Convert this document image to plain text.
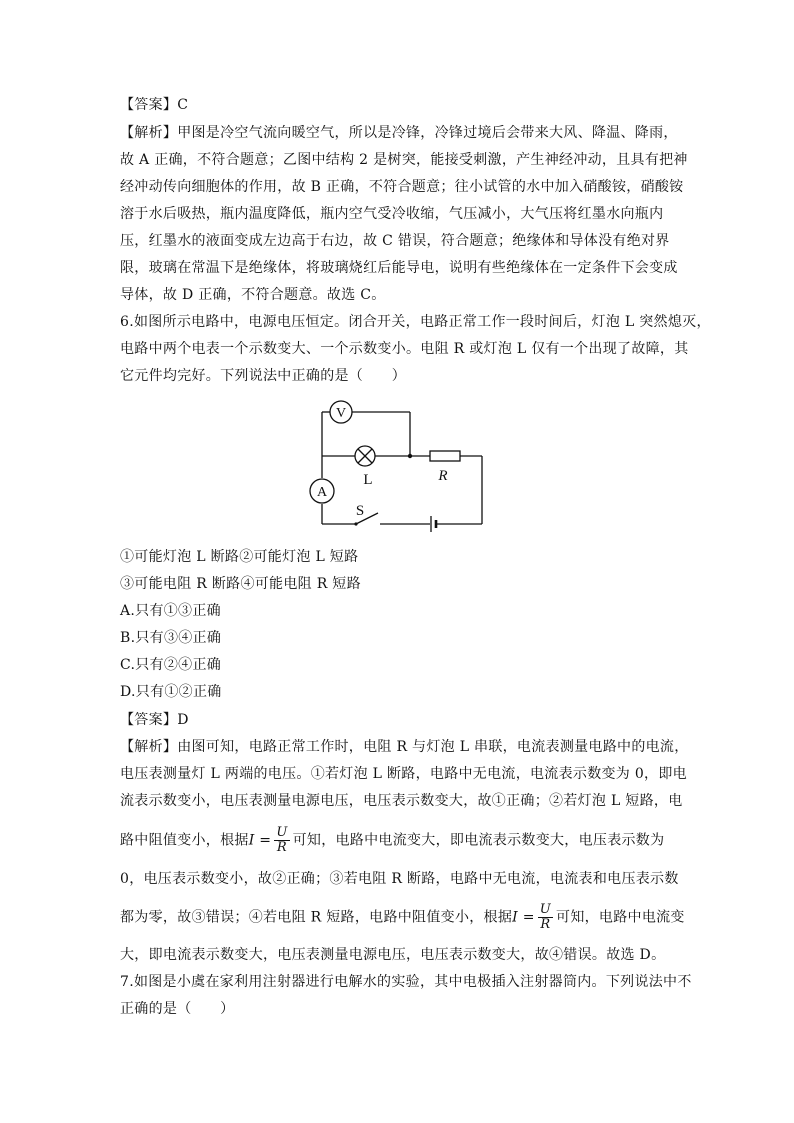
【答案】C
【解析】甲图是冷空气流向暖空气，所以是冷锋，冷锋过境后会带来大风、降温、降雨，
故 A 正确，不符合题意；乙图中结构 2 是树突，能接受刺激，产生神经冲动，且具有把神
经冲动传向细胞体的作用，故 B 正确，不符合题意；往小试管的水中加入硝酸铵，硝酸铵
溶于水后吸热，瓶内温度降低，瓶内空气受冷收缩，气压减小，大气压将红墨水向瓶内
压，红墨水的液面变成左边高于右边，故 C 错误，符合题意；绝缘体和导体没有绝对界
限，玻璃在常温下是绝缘体，将玻璃烧红后能导电，说明有些绝缘体在一定条件下会变成
导体，故 D 正确，不符合题意。故选 C。
6.如图所示电路中，电源电压恒定。闭合开关，电路正常工作一段时间后，灯泡 L 突然熄灭，
电路中两个电表一个示数变大、一个示数变小。电阻 R 或灯泡 L 仅有一个出现了故障，其
它元件均完好。下列说法中正确的是（　　）
V
A
L	R
S
①可能灯泡 L 断路②可能灯泡 L 短路
③可能电阻 R 断路④可能电阻 R 短路
A.只有①③正确
B.只有③④正确
C.只有②④正确
D.只有①②正确
【答案】D
【解析】由图可知，电路正常工作时，电阻 R 与灯泡 L 串联，电流表测量电路中的电流，
电压表测量灯 L 两端的电压。①若灯泡 L 断路，电路中无电流，电流表示数变为 0，即电
流表示数变小，电压表测量电源电压，电压表示数变大，故①正确；②若灯泡 L 短路，电
路中阻值变小，根据$I = \frac{U}{R}$ 可知，电路中电流变大，即电流表示数变大，电压表示数为
0，电压表示数变小，故②正确；③若电阻 R 断路，电路中无电流，电流表和电压表示数
都为零，故③错误；④若电阻 R 短路，电路中阻值变小，根据$I = \frac{U}{R}$ 可知，电路中电流变
大，即电流表示数变大，电压表测量电源电压，电压表示数变大，故④错误。故选 D。
7.如图是小虞在家利用注射器进行电解水的实验，其中电极插入注射器筒内。下列说法中不
正确的是（　　）
